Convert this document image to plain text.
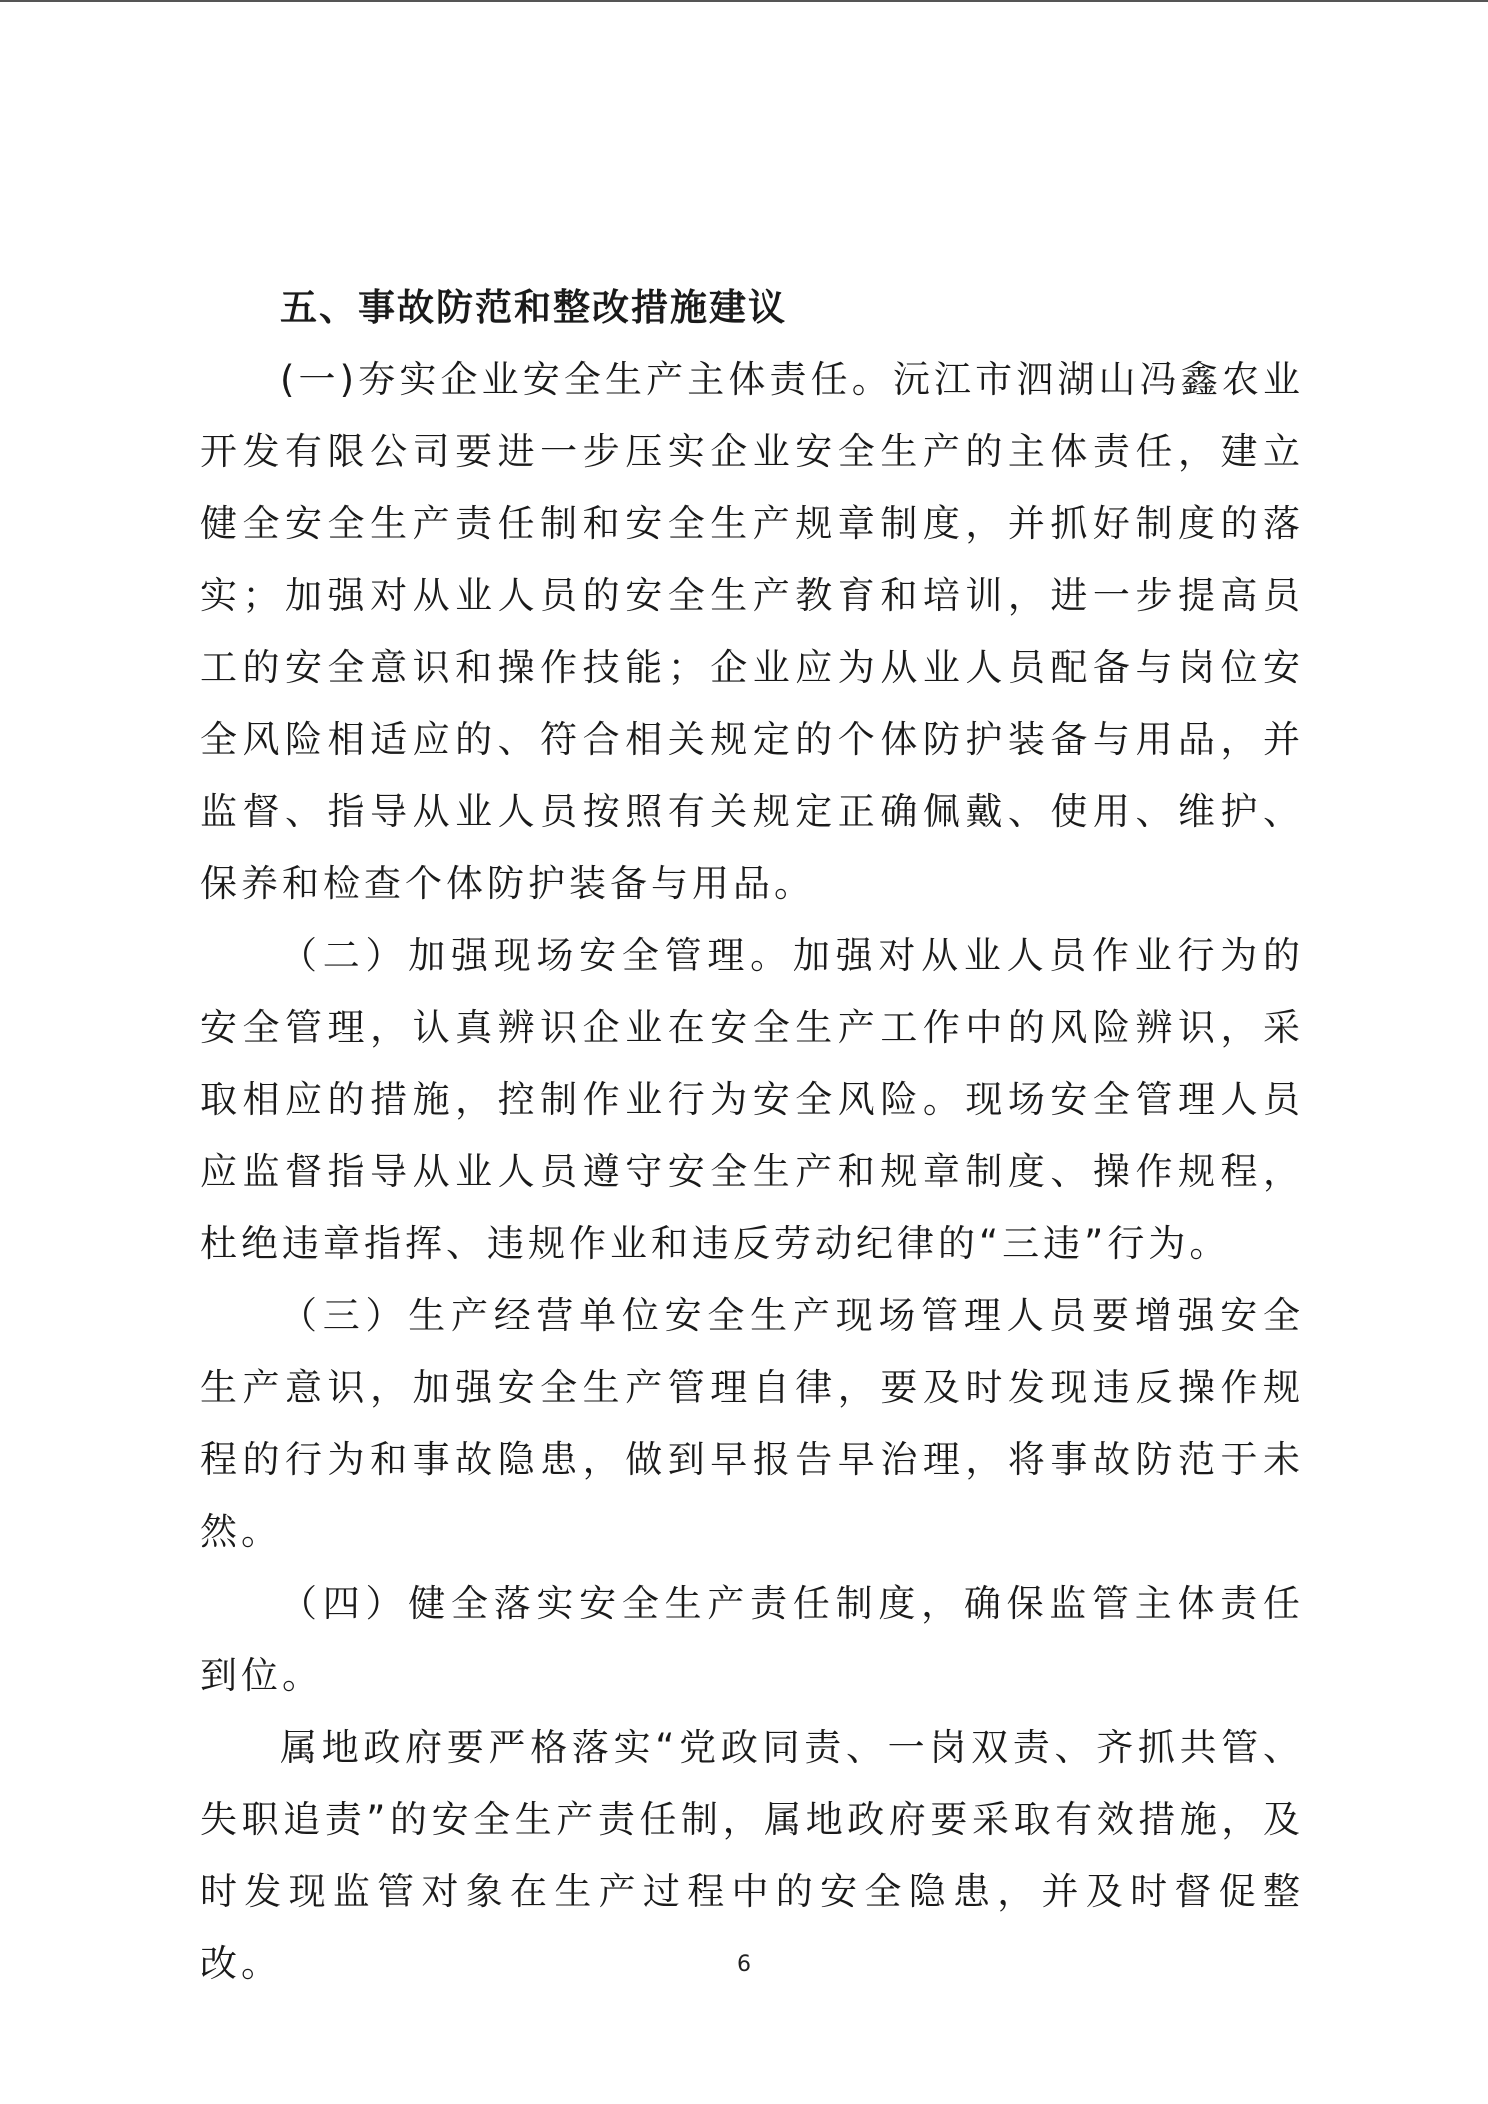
五、事故防范和整改措施建议

(一)夯实企业安全生产主体责任。沅江市泗湖山冯鑫农业开发有限公司要进一步压实企业安全生产的主体责任，建立健全安全生产责任制和安全生产规章制度，并抓好制度的落实；加强对从业人员的安全生产教育和培训，进一步提高员工的安全意识和操作技能；企业应为从业人员配备与岗位安全风险相适应的、符合相关规定的个体防护装备与用品，并监督、指导从业人员按照有关规定正确佩戴、使用、维护、保养和检查个体防护装备与用品。

（二）加强现场安全管理。加强对从业人员作业行为的安全管理，认真辨识企业在安全生产工作中的风险辨识，采取相应的措施，控制作业行为安全风险。现场安全管理人员应监督指导从业人员遵守安全生产和规章制度、操作规程，杜绝违章指挥、违规作业和违反劳动纪律的“三违”行为。

（三）生产经营单位安全生产现场管理人员要增强安全生产意识，加强安全生产管理自律，要及时发现违反操作规程的行为和事故隐患，做到早报告早治理，将事故防范于未然。

（四）健全落实安全生产责任制度，确保监管主体责任到位。

属地政府要严格落实“党政同责、一岗双责、齐抓共管、失职追责”的安全生产责任制，属地政府要采取有效措施，及时发现监管对象在生产过程中的安全隐患，并及时督促整改。	6
